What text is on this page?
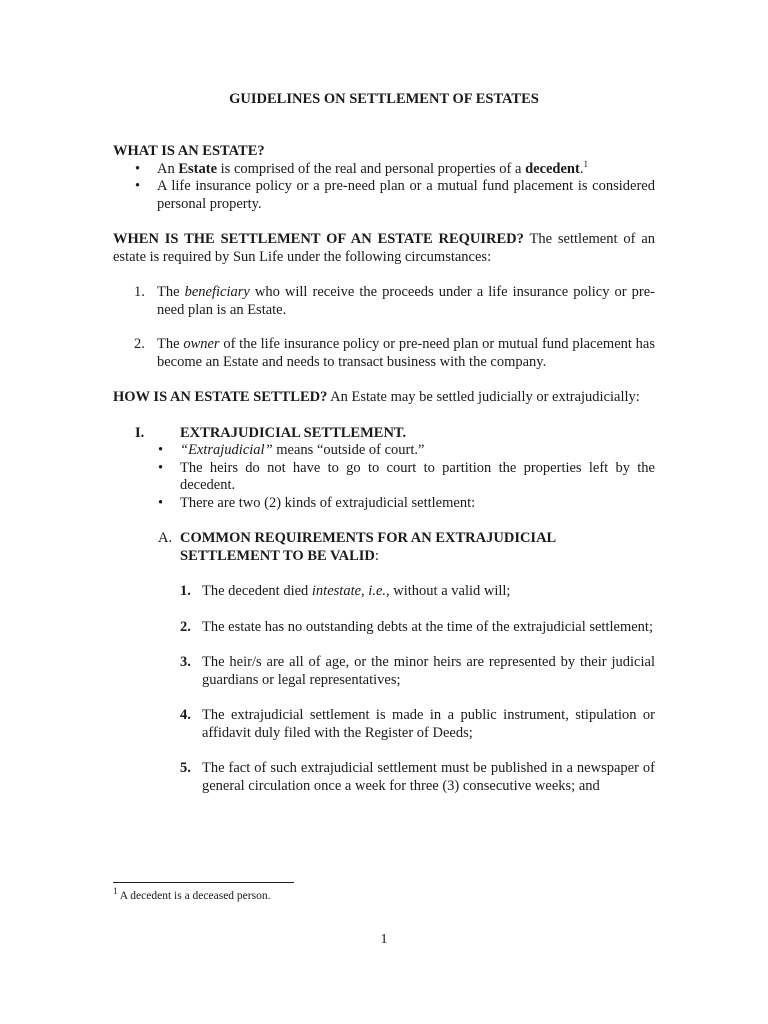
GUIDELINES ON SETTLEMENT OF ESTATES
WHAT IS AN ESTATE?
• An Estate is comprised of the real and personal properties of a decedent.$^1$
• A life insurance policy or a pre-need plan or a mutual fund placement is considered personal property.
WHEN IS THE SETTLEMENT OF AN ESTATE REQUIRED? The settlement of an estate is required by Sun Life under the following circumstances:
1. The beneficiary who will receive the proceeds under a life insurance policy or pre-need plan is an Estate.
2. The owner of the life insurance policy or pre-need plan or mutual fund placement has become an Estate and needs to transact business with the company.
HOW IS AN ESTATE SETTLED? An Estate may be settled judicially or extrajudicially:
I. EXTRAJUDICIAL SETTLEMENT.
• “Extrajudicial” means “outside of court.”
• The heirs do not have to go to court to partition the properties left by the decedent.
• There are two (2) kinds of extrajudicial settlement:
A. COMMON REQUIREMENTS FOR AN EXTRAJUDICIAL SETTLEMENT TO BE VALID:
1. The decedent died intestate, i.e., without a valid will;
2. The estate has no outstanding debts at the time of the extrajudicial settlement;
3. The heir/s are all of age, or the minor heirs are represented by their judicial guardians or legal representatives;
4. The extrajudicial settlement is made in a public instrument, stipulation or affidavit duly filed with the Register of Deeds;
5. The fact of such extrajudicial settlement must be published in a newspaper of general circulation once a week for three (3) consecutive weeks; and
$^1$ A decedent is a deceased person.
1
